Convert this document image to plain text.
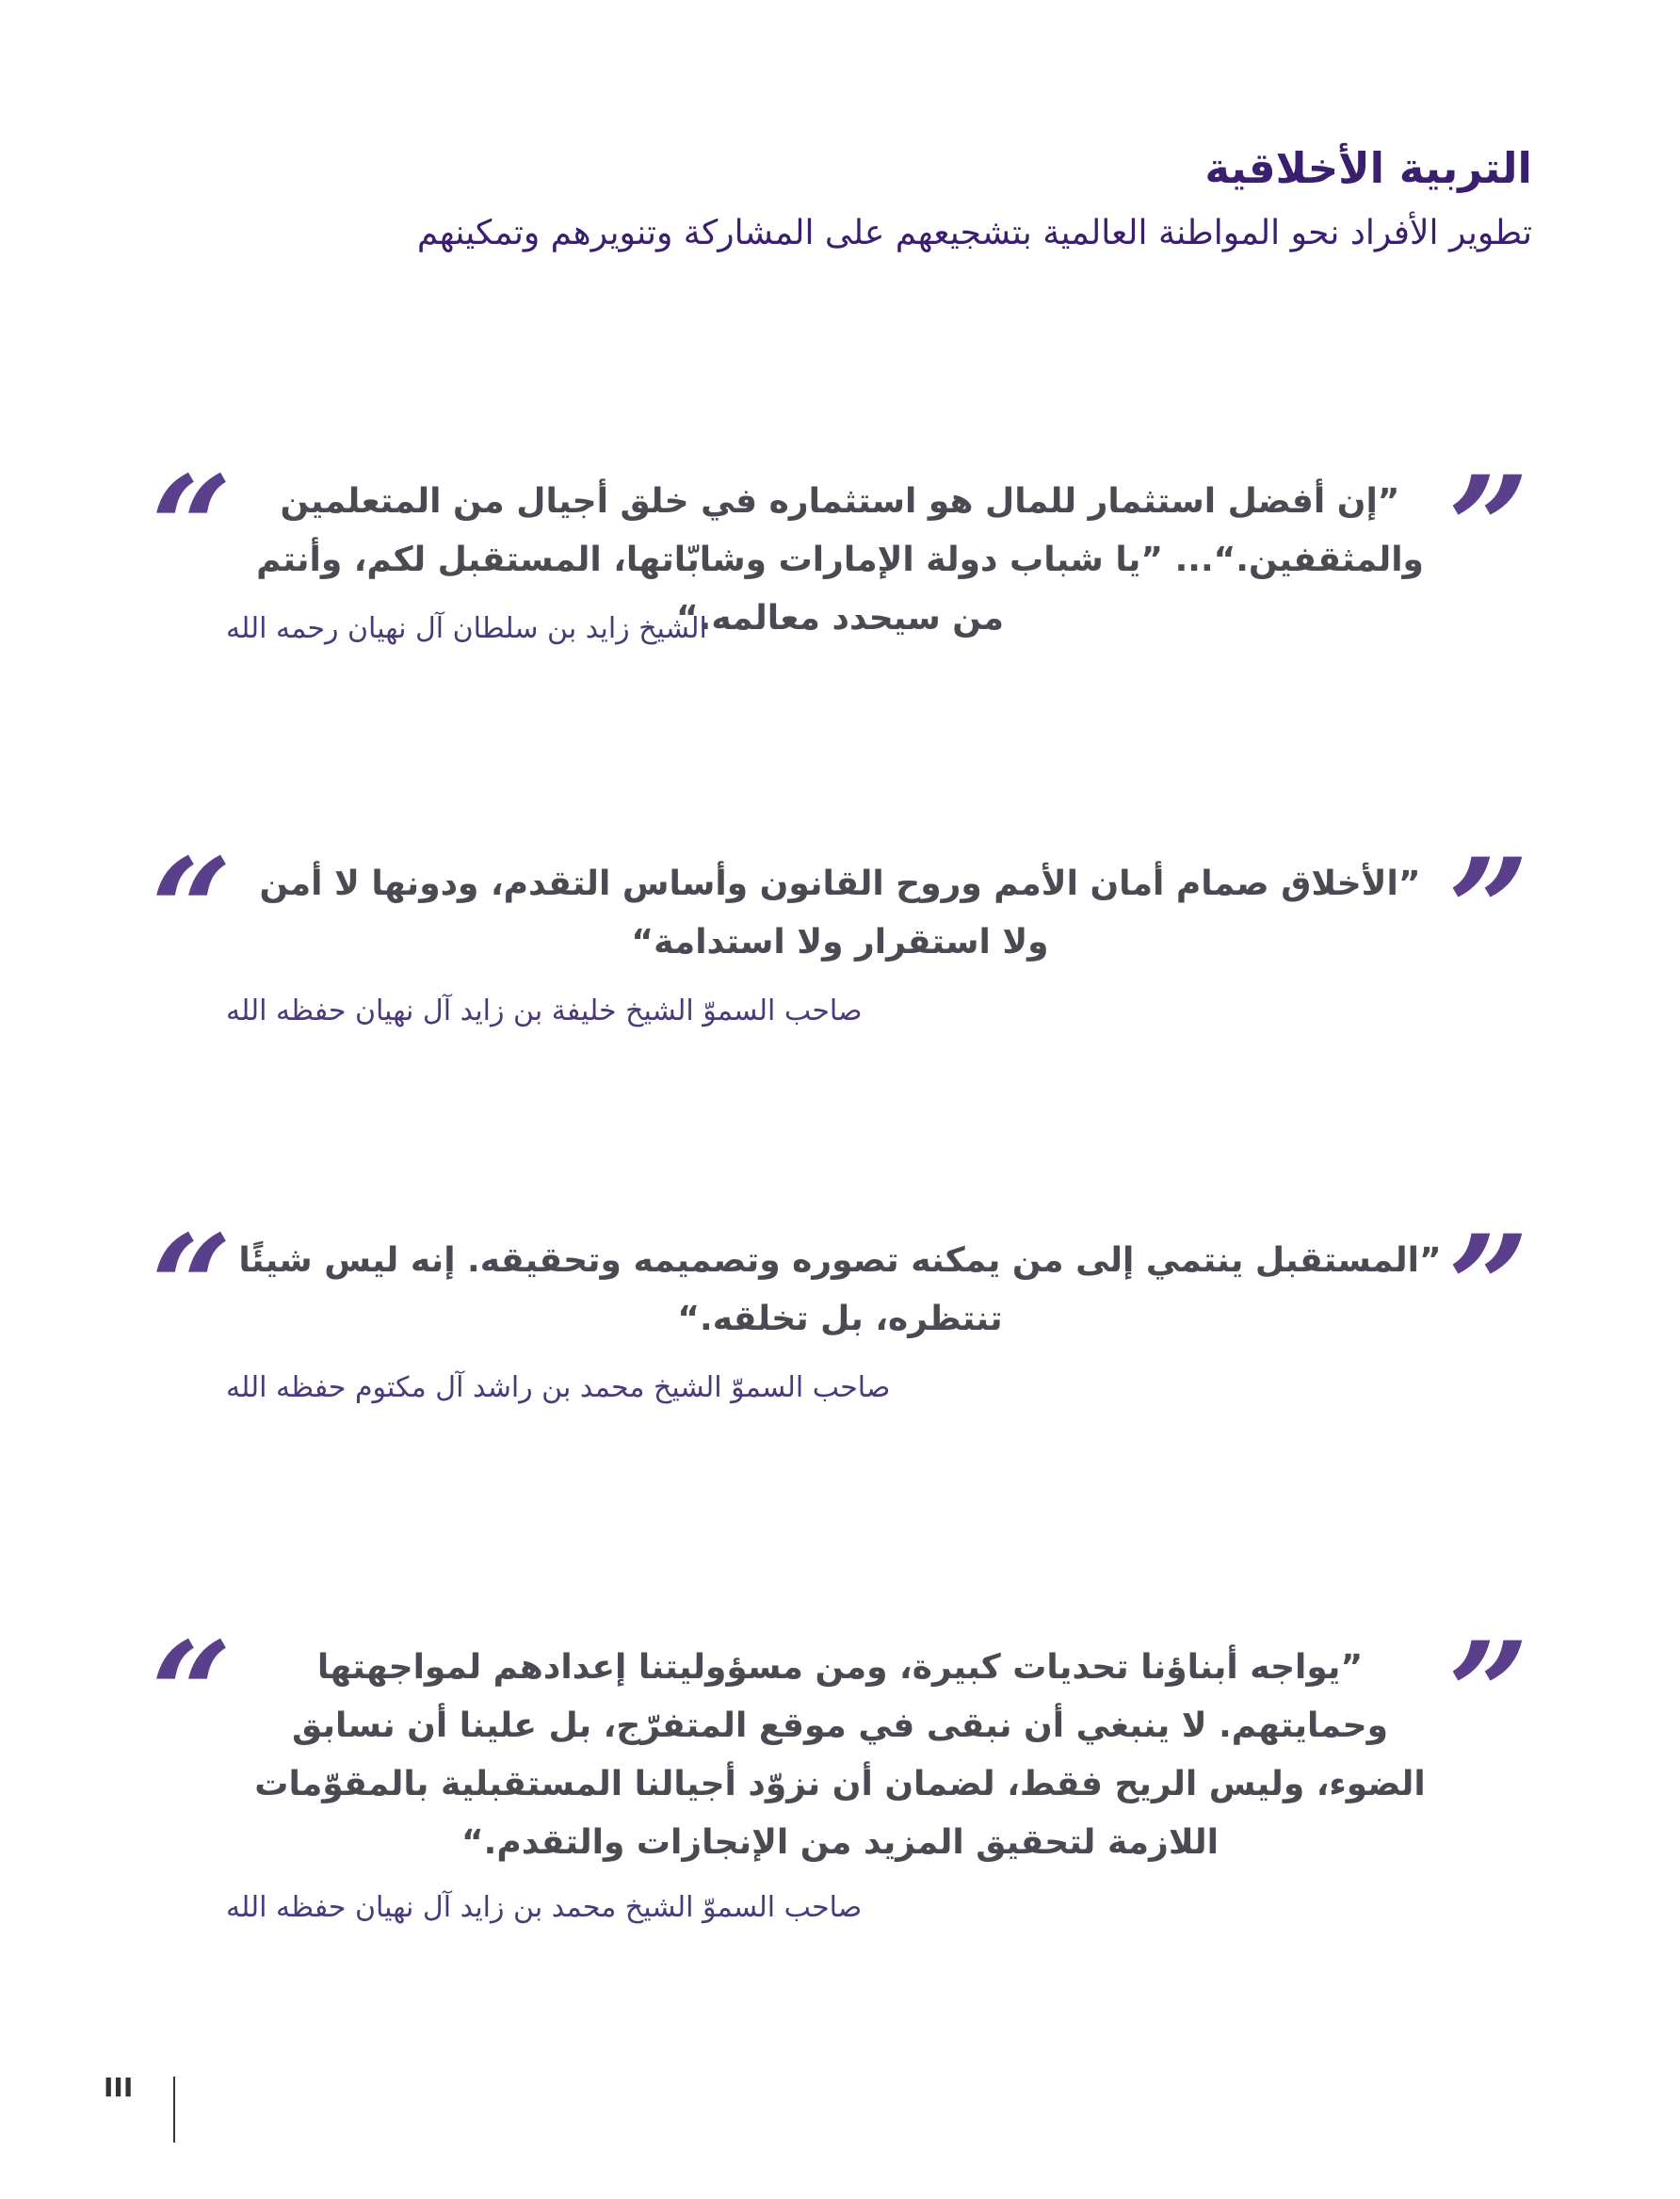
التربية الأخلاقية
تطوير الأفراد نحو المواطنة العالمية بتشجيعهم على المشاركة وتنويرهم وتمكينهم
“	”إن أفضل استثمار للمال هو استثماره في خلق أجيال من المتعلمين والمثقفين.“... ”يا شباب دولة الإمارات وشابّاتها، المستقبل لكم، وأنتم من سيحدد معالمه.“
”
الشيخ زايد بن سلطان آل نهيان رحمه الله
“ ”الأخلاق صمام أمان الأمم وروح القانون وأساس التقدم، ودونها لا أمن ولا استقرار ولا استدامة“	”
صاحب السموّ الشيخ خليفة بن زايد آل نهيان حفظه الله
“ ”المستقبل ينتمي إلى من يمكنه تصوره وتصميمه وتحقيقه. إنه ليس شيئًا تنتظره، بل تخلقه.“	”
صاحب السموّ الشيخ محمد بن راشد آل مكتوم حفظه الله
“	”يواجه أبناؤنا تحديات كبيرة، ومن مسؤوليتنا إعدادهم لمواجهتها وحمايتهم. لا ينبغي أن نبقى في موقع المتفرّج، بل علينا أن نسابق الضوء، وليس الريح فقط، لضمان أن نزوّد أجيالنا المستقبلية بالمقوّمات اللازمة لتحقيق المزيد من الإنجازات والتقدم.“
”
صاحب السموّ الشيخ محمد بن زايد آل نهيان حفظه الله
III
